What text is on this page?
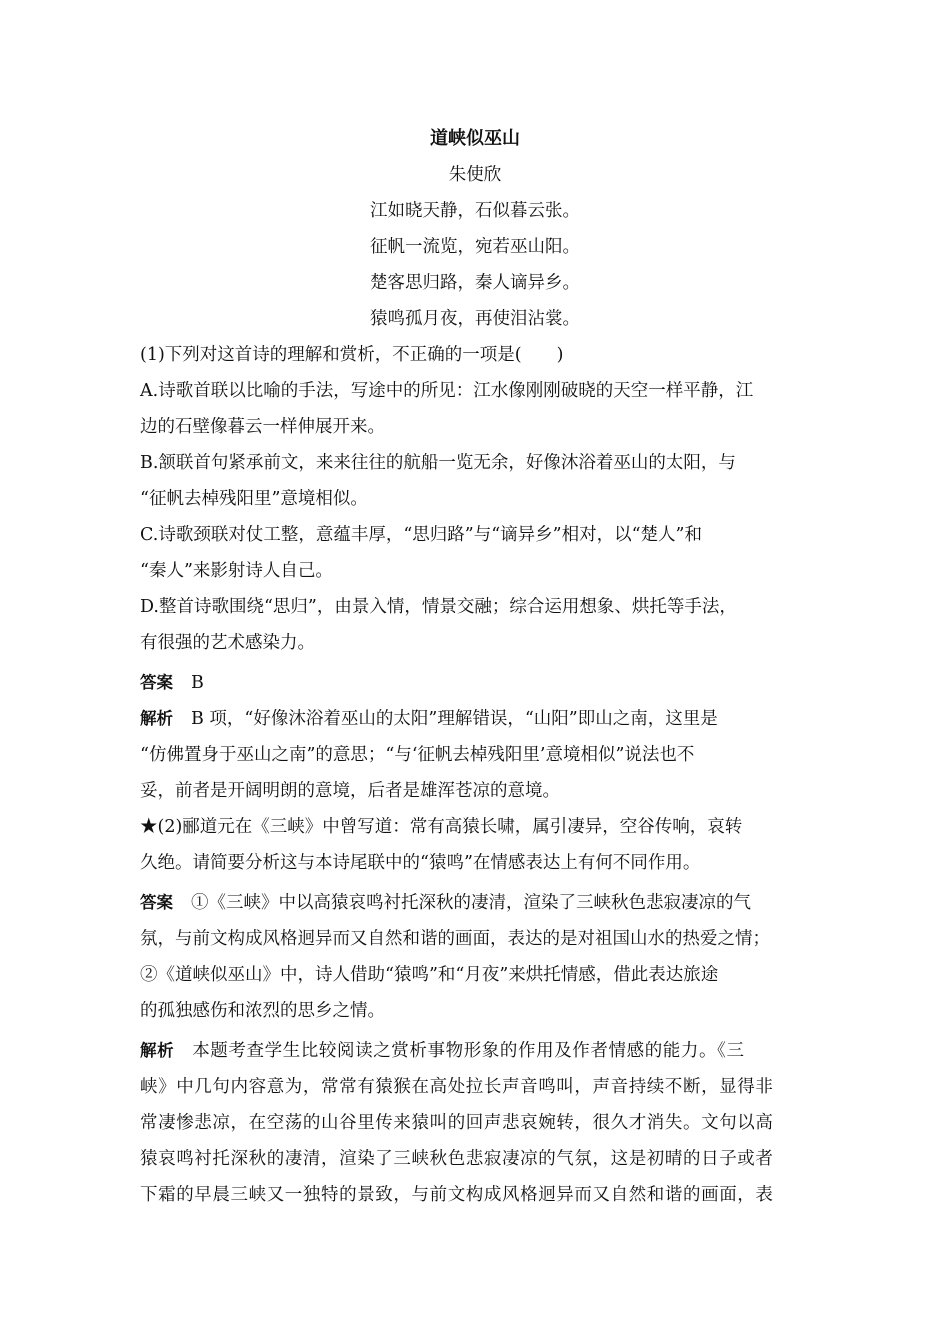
道峡似巫山
朱使欣
江如晓天静，石似暮云张。
征帆一流览，宛若巫山阳。
楚客思归路，秦人谪异乡。
猿鸣孤月夜，再使泪沾裳。
(1)下列对这首诗的理解和赏析，不正确的一项是(　　)
A.诗歌首联以比喻的手法，写途中的所见：江水像刚刚破晓的天空一样平静，江
边的石壁像暮云一样伸展开来。
B.颔联首句紧承前文，来来往往的航船一览无余，好像沐浴着巫山的太阳，与
“征帆去棹残阳里”意境相似。
C.诗歌颈联对仗工整，意蕴丰厚，“思归路”与“谪异乡”相对，以“楚人”和
“秦人”来影射诗人自己。
D.整首诗歌围绕“思归”，由景入情，情景交融；综合运用想象、烘托等手法，
有很强的艺术感染力。
答案 B
解析 B 项，“好像沐浴着巫山的太阳”理解错误，“山阳”即山之南，这里是
“仿佛置身于巫山之南”的意思；“与‘征帆去棹残阳里’意境相似”说法也不
妥，前者是开阔明朗的意境，后者是雄浑苍凉的意境。
★(2)郦道元在《三峡》中曾写道：常有高猿长啸，属引凄异，空谷传响，哀转
久绝。请简要分析这与本诗尾联中的“猿鸣”在情感表达上有何不同作用。
答案 ①《三峡》中以高猿哀鸣衬托深秋的凄清，渲染了三峡秋色悲寂凄凉的气
氛，与前文构成风格迥异而又自然和谐的画面，表达的是对祖国山水的热爱之情；
②《道峡似巫山》中，诗人借助“猿鸣”和“月夜”来烘托情感，借此表达旅途
的孤独感伤和浓烈的思乡之情。
解析 本题考查学生比较阅读之赏析事物形象的作用及作者情感的能力。《三
峡》中几句内容意为，常常有猿猴在高处拉长声音鸣叫，声音持续不断，显得非
常凄惨悲凉，在空荡的山谷里传来猿叫的回声悲哀婉转，很久才消失。文句以高
猿哀鸣衬托深秋的凄清，渲染了三峡秋色悲寂凄凉的气氛，这是初晴的日子或者
下霜的早晨三峡又一独特的景致，与前文构成风格迥异而又自然和谐的画面，表
